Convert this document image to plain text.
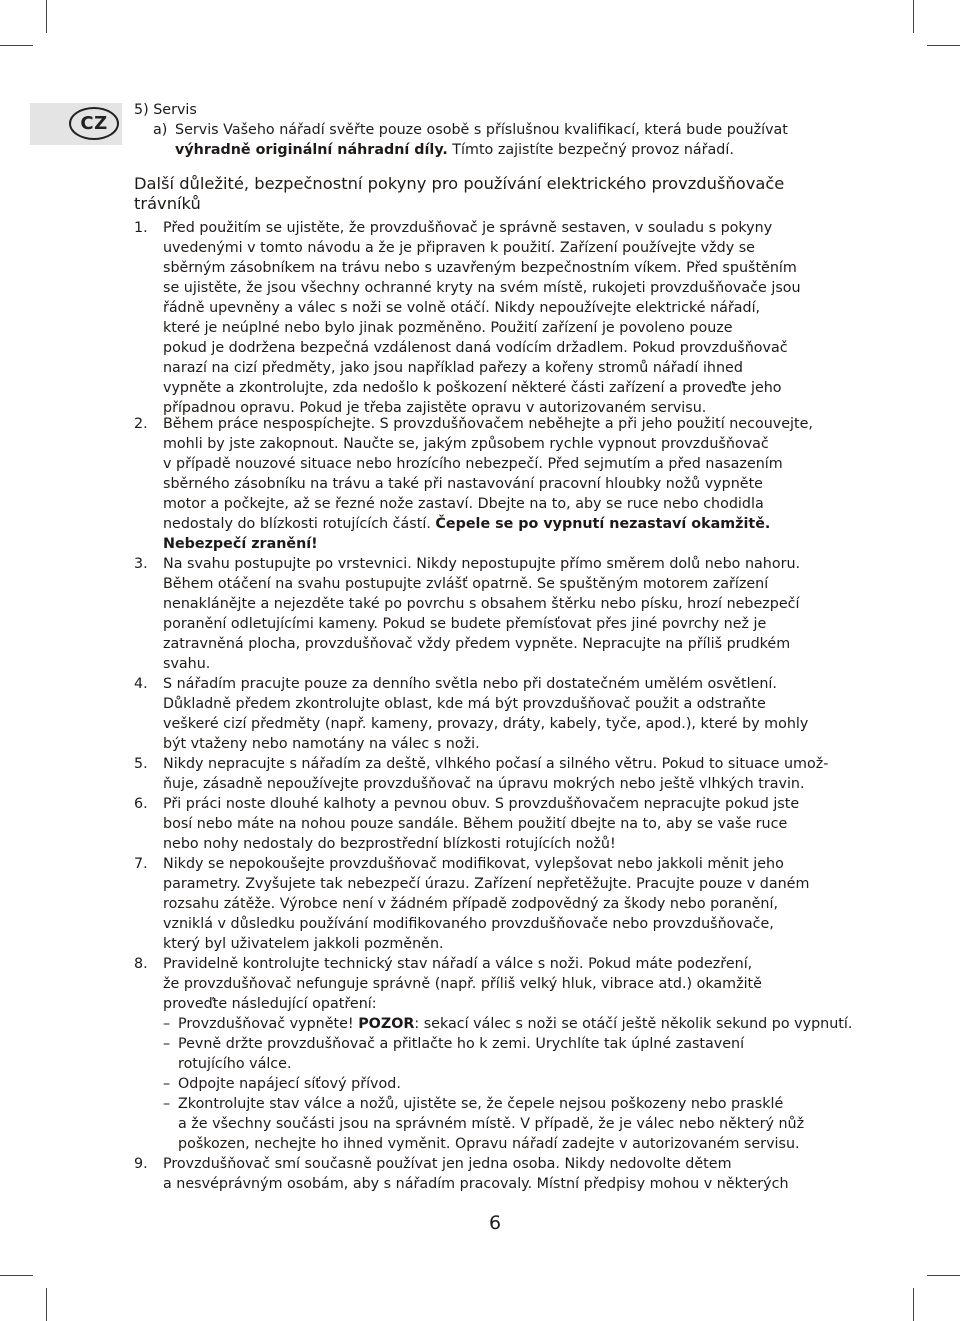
CZ
5) Servis
a) Servis Vašeho nářadí svěřte pouze osobě s příslušnou kvalifikací, která bude používat
výhradně originální náhradní díly. Tímto zajistíte bezpečný provoz nářadí.
Další důležité, bezpečnostní pokyny pro používání elektrického provzdušňovače
trávníků
1. Před použitím se ujistěte, že provzdušňovač je správně sestaven, v souladu s pokyny
uvedenými v tomto návodu a že je připraven k použití. Zařízení používejte vždy se
sběrným zásobníkem na trávu nebo s uzavřeným bezpečnostním víkem. Před spuštěním
se ujistěte, že jsou všechny ochranné kryty na svém místě, rukojeti provzdušňovače jsou
řádně upevněny a válec s noži se volně otáčí. Nikdy nepoužívejte elektrické nářadí,
které je neúplné nebo bylo jinak pozměněno. Použití zařízení je povoleno pouze
pokud je dodržena bezpečná vzdálenost daná vodícím držadlem. Pokud provzdušňovač
narazí na cizí předměty, jako jsou například pařezy a kořeny stromů nářadí ihned
vypněte a zkontrolujte, zda nedošlo k poškození některé části zařízení a proveďte jeho
případnou opravu. Pokud je třeba zajistěte opravu v autorizovaném servisu.
2. Během práce nespospíchejte. S provzdušňovačem neběhejte a při jeho použití necouvejte,
mohli by jste zakopnout. Naučte se, jakým způsobem rychle vypnout provzdušňovač
v případě nouzové situace nebo hrozícího nebezpečí. Před sejmutím a před nasazením
sběrného zásobníku na trávu a také při nastavování pracovní hloubky nožů vypněte
motor a počkejte, až se řezné nože zastaví. Dbejte na to, aby se ruce nebo chodidla
nedostaly do blízkosti rotujících částí. Čepele se po vypnutí nezastaví okamžitě.
Nebezpečí zranění!
3. Na svahu postupujte po vrstevnici. Nikdy nepostupujte přímo směrem dolů nebo nahoru.
Během otáčení na svahu postupujte zvlášť opatrně. Se spuštěným motorem zařízení
nenaklánějte a nejezděte také po povrchu s obsahem štěrku nebo písku, hrozí nebezpečí
poranění odletujícími kameny. Pokud se budete přemísťovat přes jiné povrchy než je
zatravněná plocha, provzdušňovač vždy předem vypněte. Nepracujte na příliš prudkém
svahu.
4. S nářadím pracujte pouze za denního světla nebo při dostatečném umělém osvětlení.
Důkladně předem zkontrolujte oblast, kde má být provzdušňovač použit a odstraňte
veškeré cizí předměty (např. kameny, provazy, dráty, kabely, tyče, apod.), které by mohly
být vtaženy nebo namotány na válec s noži.
5. Nikdy nepracujte s nářadím za deště, vlhkého počasí a silného větru. Pokud to situace umož-
ňuje, zásadně nepoužívejte provzdušňovač na úpravu mokrých nebo ještě vlhkých travin.
6. Při práci noste dlouhé kalhoty a pevnou obuv. S provzdušňovačem nepracujte pokud jste
bosí nebo máte na nohou pouze sandále. Během použití dbejte na to, aby se vaše ruce
nebo nohy nedostaly do bezprostřední blízkosti rotujících nožů!
7. Nikdy se nepokoušejte provzdušňovač modifikovat, vylepšovat nebo jakkoli měnit jeho
parametry. Zvyšujete tak nebezpečí úrazu. Zařízení nepřetěžujte. Pracujte pouze v daném
rozsahu zátěže. Výrobce není v žádném případě zodpovědný za škody nebo poranění,
vzniklá v důsledku používání modifikovaného provzdušňovače nebo provzdušňovače,
který byl uživatelem jakkoli pozměněn.
8. Pravidelně kontrolujte technický stav nářadí a válce s noži. Pokud máte podezření,
že provzdušňovač nefunguje správně (např. příliš velký hluk, vibrace atd.) okamžitě
proveďte následující opatření:
– Provzdušňovač vypněte! POZOR: sekací válec s noži se otáčí ještě několik sekund po vypnutí.
– Pevně držte provzdušňovač a přitlačte ho k zemi. Urychlíte tak úplné zastavení
rotujícího válce.
– Odpojte napájecí síťový přívod.
– Zkontrolujte stav válce a nožů, ujistěte se, že čepele nejsou poškozeny nebo prasklé
a že všechny součásti jsou na správném místě. V případě, že je válec nebo některý nůž
poškozen, nechejte ho ihned vyměnit. Opravu nářadí zadejte v autorizovaném servisu.
9. Provzdušňovač smí současně používat jen jedna osoba. Nikdy nedovolte dětem
a nesvéprávným osobám, aby s nářadím pracovaly. Místní předpisy mohou v některých
6
